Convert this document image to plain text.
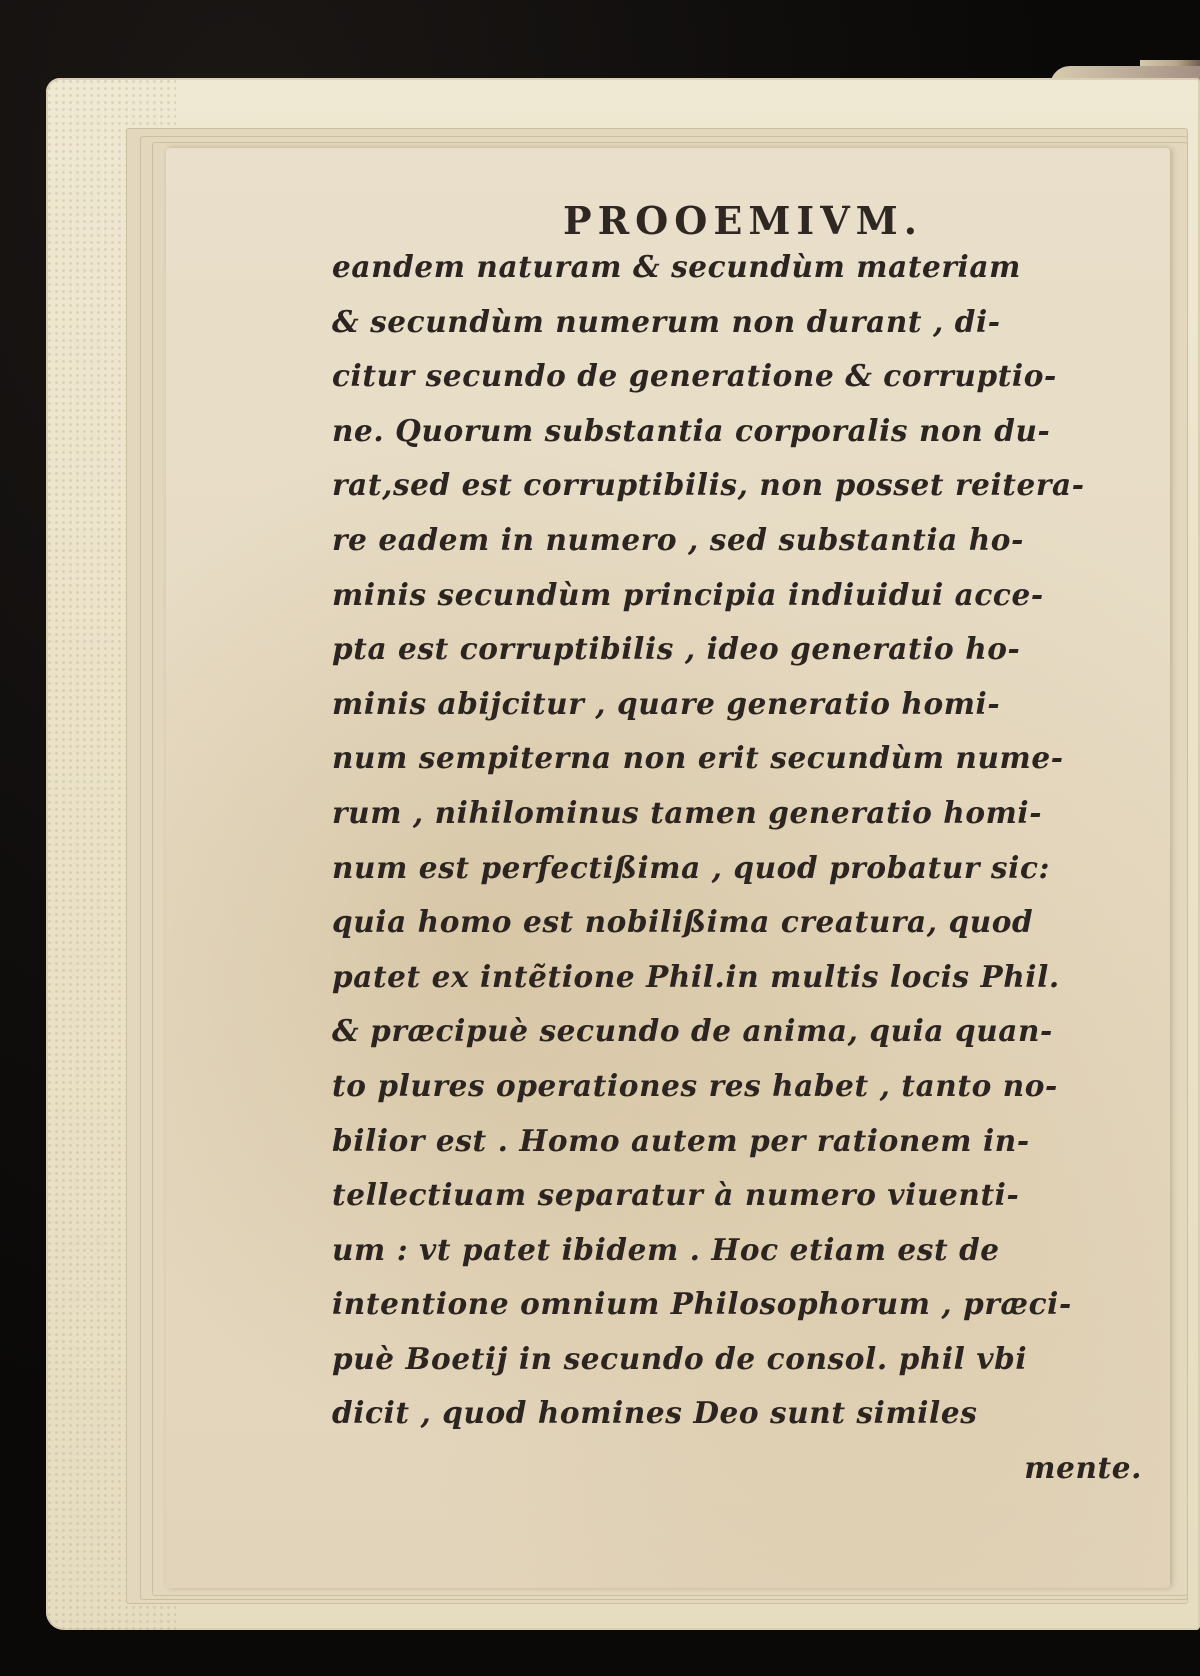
PROOEMIVM.
eandem naturam & secundùm materiam
& secundùm numerum non durant , di-
citur secundo de generatione & corruptio-
ne. Quorum substantia corporalis non du-
rat,sed est corruptibilis, non posset reitera-
re eadem in numero , sed substantia ho-
minis secundùm principia indiuidui acce-
pta est corruptibilis , ideo generatio ho-
minis abijcitur , quare generatio homi-
num sempiterna non erit secundùm nume-
rum , nihilominus tamen generatio homi-
num est perfectißima , quod probatur sic:
quia homo est nobilißima creatura, quod
patet ex intẽtione Phil.in multis locis Phil.
& præcipuè secundo de anima, quia quan-
to plures operationes res habet , tanto no-
bilior est . Homo autem per rationem in-
tellectiuam separatur à numero viuenti-
um : vt patet ibidem . Hoc etiam est de
intentione omnium Philosophorum , præci-
puè Boetij in secundo de consol. phil vbi
dicit , quod homines Deo sunt similes
mente.
